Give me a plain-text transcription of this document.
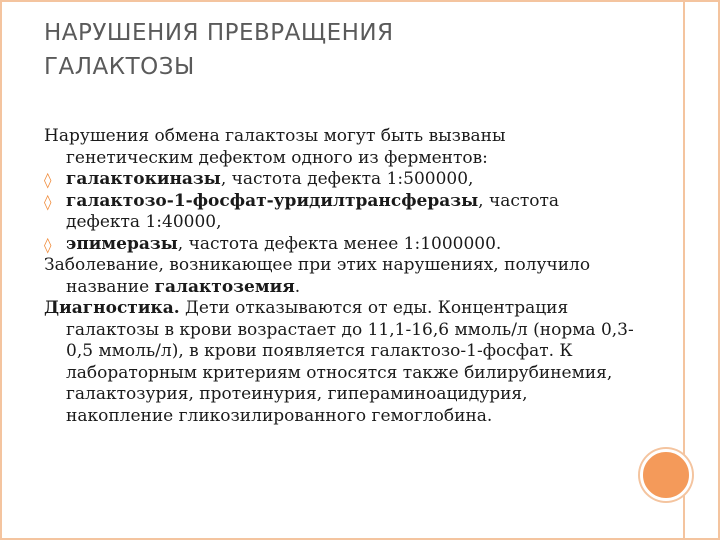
НАРУШЕНИЯ ПРЕВРАЩЕНИЯ
ГАЛАКТОЗЫ

Нарушения обмена галактозы могут быть вызваны генетическим дефектом одного из ферментов:

◊ галактокиназы, частота дефекта 1:500000,

◊ галактозо-1-фосфат-уридилтрансферазы, частота дефекта 1:40000,

◊ эпимеразы, частота дефекта менее 1:1000000.

Заболевание, возникающее при этих нарушениях, получило название галактоземия.

Диагностика. Дети отказываются от еды. Концентрация галактозы в крови возрастает до 11,1-16,6 ммоль/л (норма 0,3-0,5 ммоль/л), в крови появляется галактозо-1-фосфат. К лабораторным критериям относятся также билирубинемия, галактозурия, протеинурия, гипераминоацидурия, накопление гликозилированного гемоглобина.
